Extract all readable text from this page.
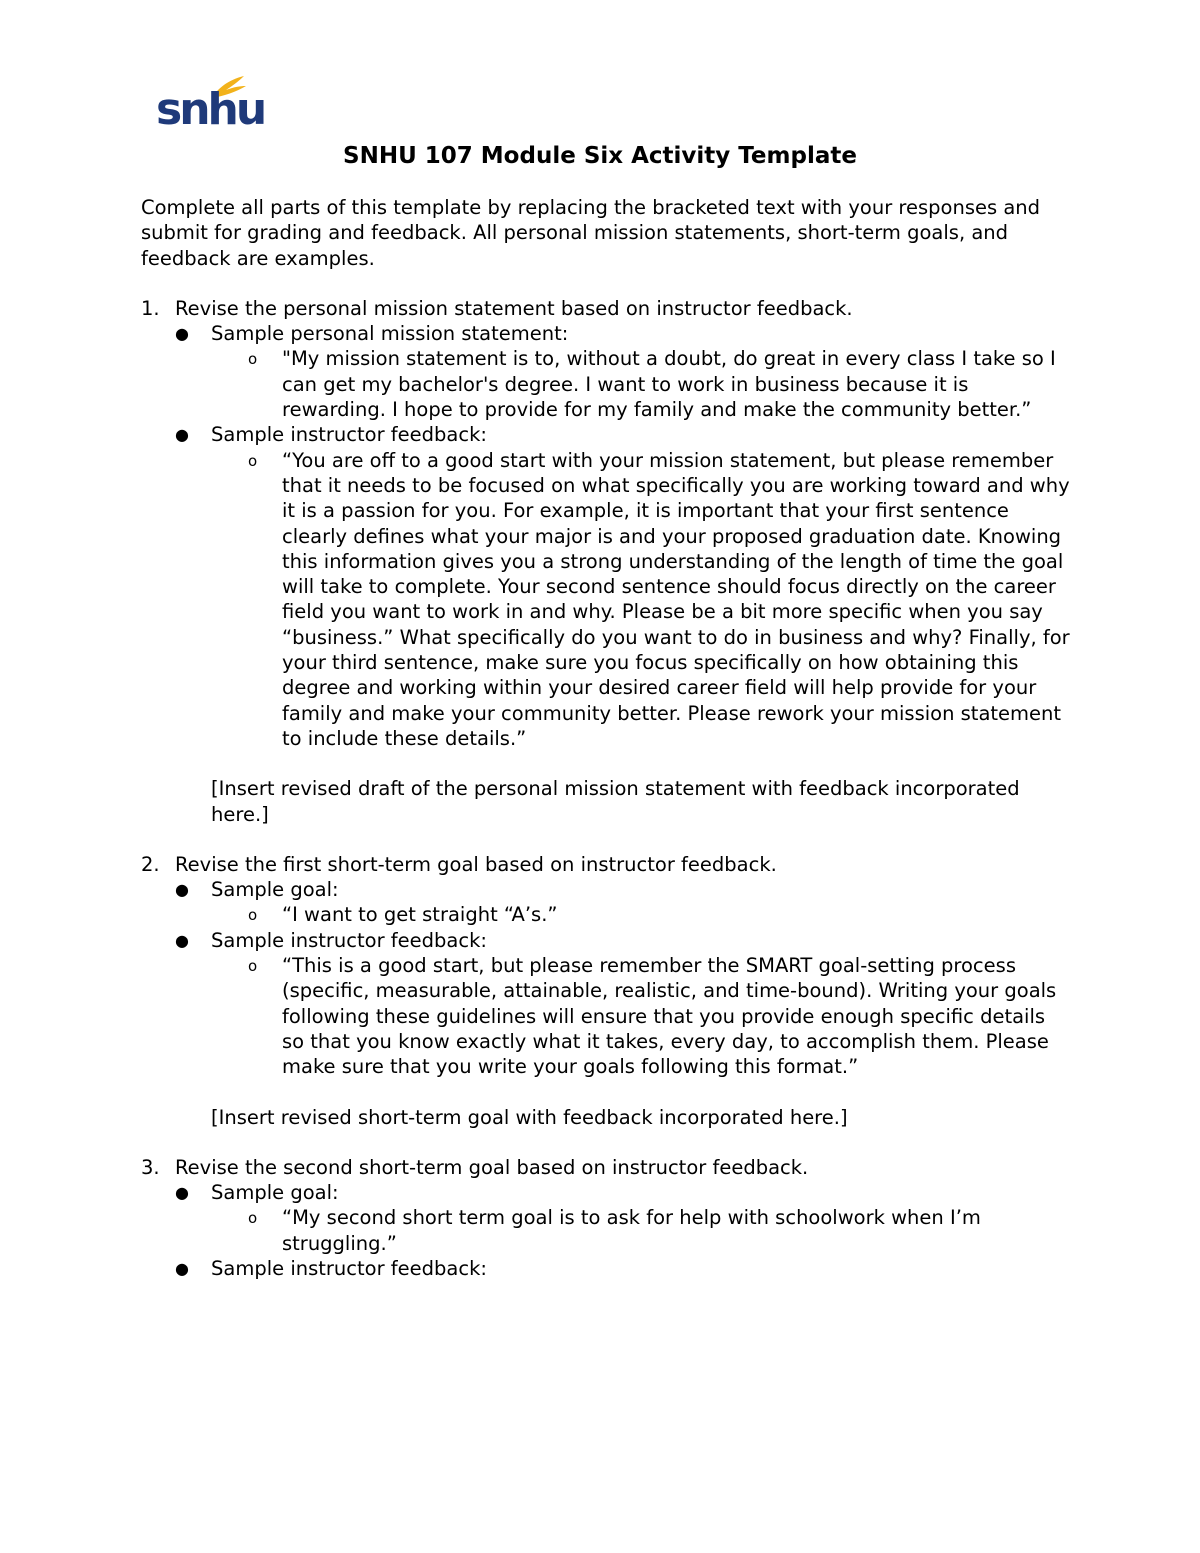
snhu
SNHU 107 Module Six Activity Template

Complete all parts of this template by replacing the bracketed text with your responses and submit for grading and feedback. All personal mission statements, short-term goals, and feedback are examples.

1. Revise the personal mission statement based on instructor feedback.

● Sample personal mission statement:

o "My mission statement is to, without a doubt, do great in every class I take so I can get my bachelor's degree. I want to work in business because it is rewarding. I hope to provide for my family and make the community better.”

● Sample instructor feedback:

o “You are off to a good start with your mission statement, but please remember that it needs to be focused on what specifically you are working toward and why it is a passion for you. For example, it is important that your first sentence clearly defines what your major is and your proposed graduation date. Knowing this information gives you a strong understanding of the length of time the goal will take to complete. Your second sentence should focus directly on the career field you want to work in and why. Please be a bit more specific when you say “business.” What specifically do you want to do in business and why? Finally, for your third sentence, make sure you focus specifically on how obtaining this degree and working within your desired career field will help provide for your family and make your community better. Please rework your mission statement to include these details.”

[Insert revised draft of the personal mission statement with feedback incorporated here.]

2. Revise the first short-term goal based on instructor feedback.

● Sample goal:

o “I want to get straight “A’s.”

● Sample instructor feedback:

o “This is a good start, but please remember the SMART goal-setting process (specific, measurable, attainable, realistic, and time-bound). Writing your goals following these guidelines will ensure that you provide enough specific details so that you know exactly what it takes, every day, to accomplish them. Please make sure that you write your goals following this format.”

[Insert revised short-term goal with feedback incorporated here.]

3. Revise the second short-term goal based on instructor feedback.

● Sample goal:

o “My second short term goal is to ask for help with schoolwork when I’m struggling.”

● Sample instructor feedback:
